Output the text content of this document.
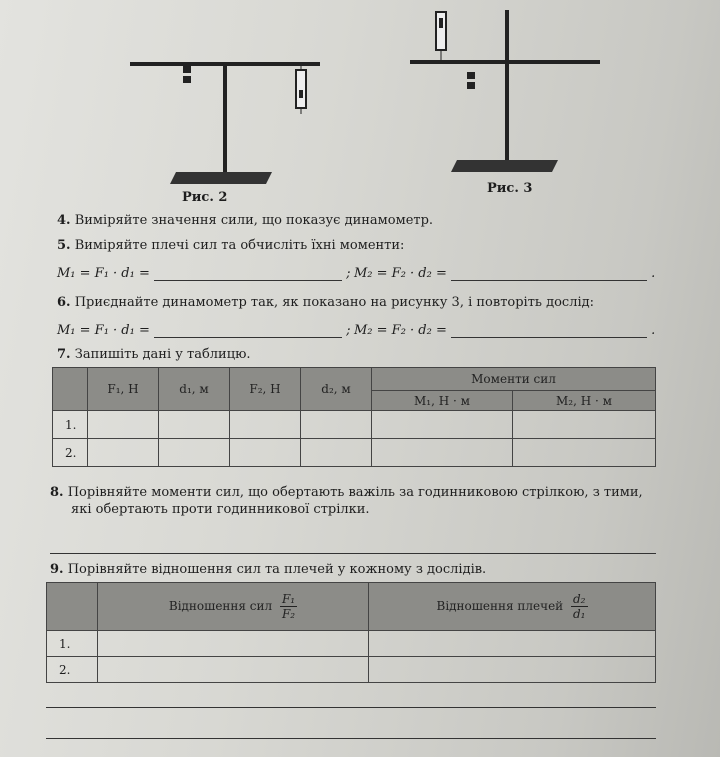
Рис. 2
Рис. 3
4. Виміряйте значення сили, що показує динамометр.
5. Виміряйте плечі сил та обчисліть їхні моменти:
M₁ = F₁ · d₁ =	; M₂ = F₂ · d₂ =	.
6. Приєднайте динамометр так, як показано на рисунку 3, і повторіть дослід:
M₁ = F₁ · d₁ =	; M₂ = F₂ · d₂ =	.
7. Запишіть дані у таблицю.
	F₁, Н	d₁, м	F₂, Н	d₂, м	Моменти сил	
					M₁, Н · м	M₂, Н · м
1.						
2.						
8. Порівняйте моменти сил, що обертають важіль за годинниковою стрілкою, з тими,
які обертають проти годинникової стрілки.
9. Порівняйте відношення сил та плечей у кожному з дослідів.
	Відношення сил $\frac{\text{F₁}}{\text{F₂}}$	Відношення плечей $\frac{\text{d₂}}{\text{d₁}}$

1.		
2.		
